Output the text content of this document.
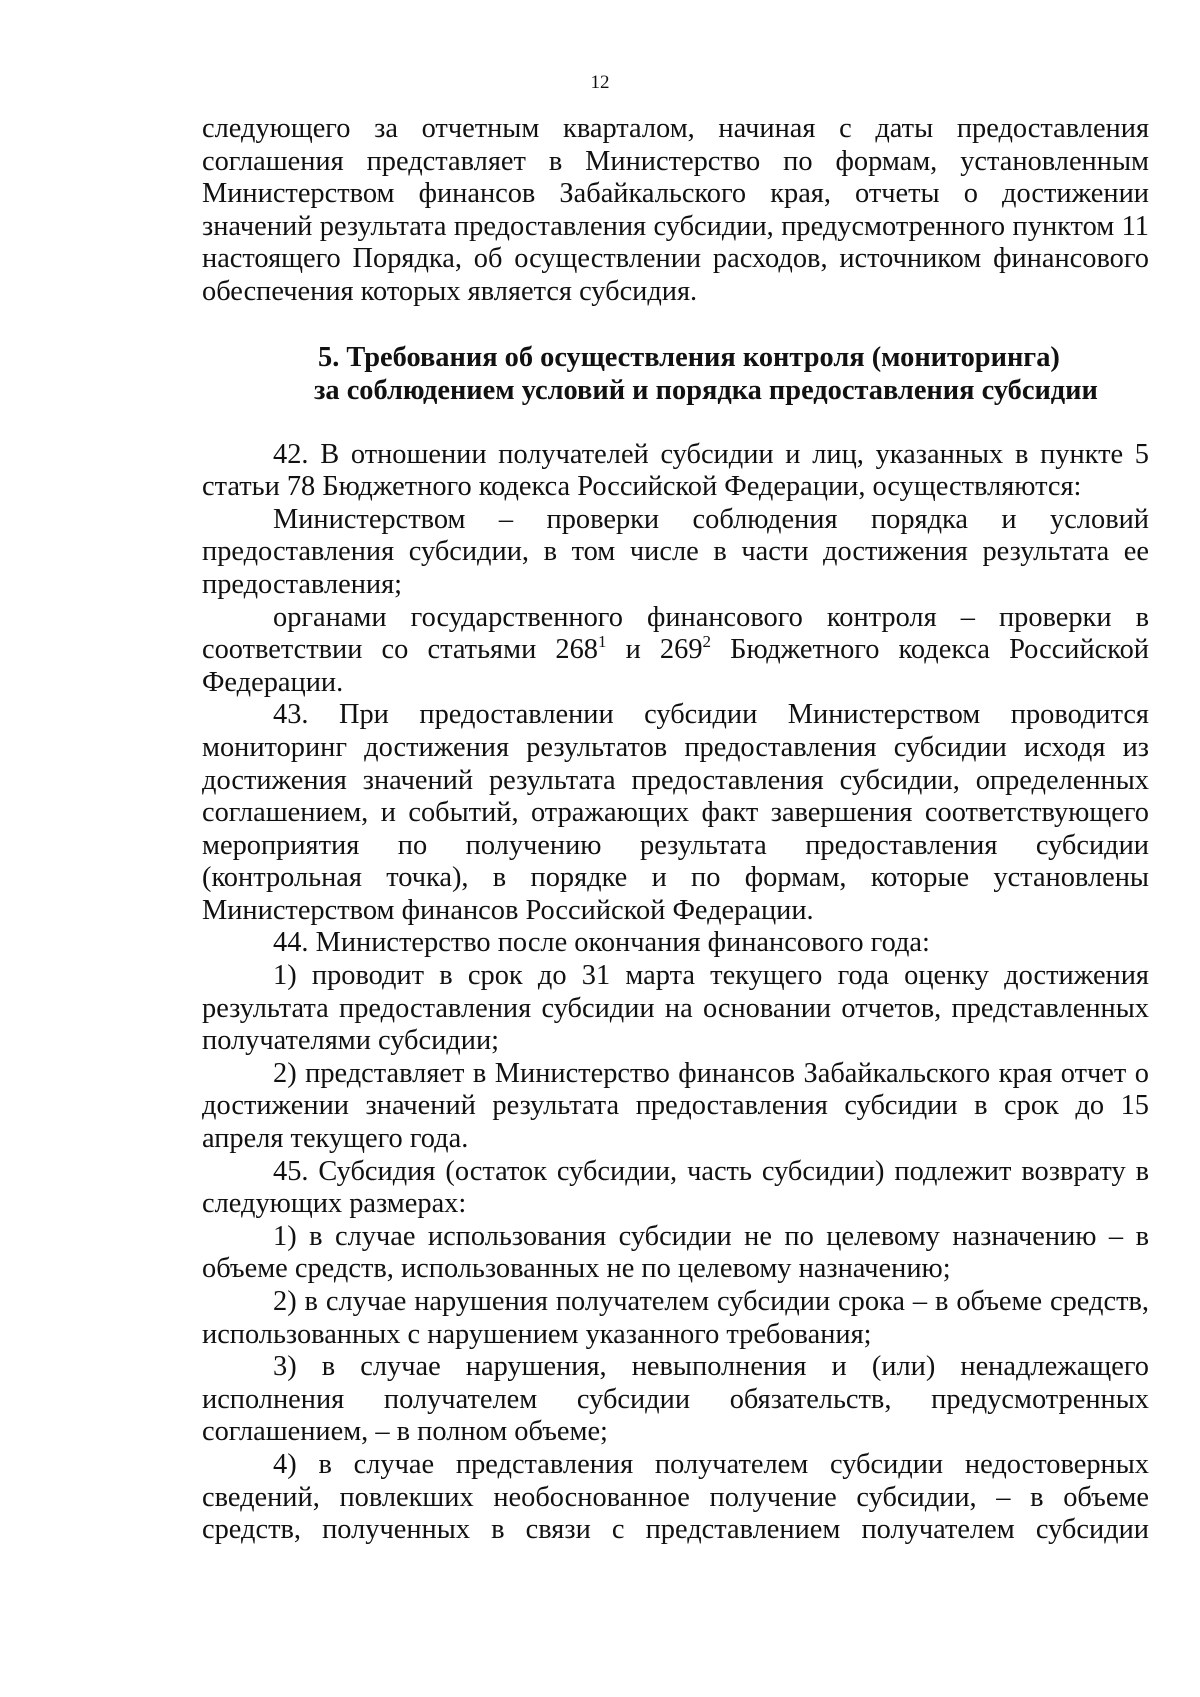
12

следующего за отчетным кварталом, начиная с даты предоставления соглашения представляет в Министерство по формам, установленным Министерством финансов Забайкальского края, отчеты о достижении значений результата предоставления субсидии, предусмотренного пунктом 11 настоящего Порядка, об осуществлении расходов, источником финансового обеспечения которых является субсидия.

5. Требования об осуществления контроля (мониторинга)
за соблюдением условий и порядка предоставления субсидии

42. В отношении получателей субсидии и лиц, указанных в пункте 5 статьи 78 Бюджетного кодекса Российской Федерации, осуществляются:

Министерством – проверки соблюдения порядка и условий предоставления субсидии, в том числе в части достижения результата ее предоставления;

органами государственного финансового контроля – проверки в соответствии со статьями $268^1$ и $269^2$ Бюджетного кодекса Российской Федерации.

43. При предоставлении субсидии Министерством проводится мониторинг достижения результатов предоставления субсидии исходя из достижения значений результата предоставления субсидии, определенных соглашением, и событий, отражающих факт завершения соответствующего мероприятия по получению результата предоставления субсидии (контрольная точка), в порядке и по формам, которые установлены Министерством финансов Российской Федерации.

44. Министерство после окончания финансового года:

1) проводит в срок до 31 марта текущего года оценку достижения результата предоставления субсидии на основании отчетов, представленных получателями субсидии;

2) представляет в Министерство финансов Забайкальского края отчет о достижении значений результата предоставления субсидии в срок до 15 апреля текущего года.

45. Субсидия (остаток субсидии, часть субсидии) подлежит возврату в следующих размерах:

1) в случае использования субсидии не по целевому назначению – в объеме средств, использованных не по целевому назначению;

2) в случае нарушения получателем субсидии срока – в объеме средств, использованных с нарушением указанного требования;

3) в случае нарушения, невыполнения и (или) ненадлежащего исполнения получателем субсидии обязательств, предусмотренных соглашением, – в полном объеме;

4) в случае представления получателем субсидии недостоверных сведений, повлекших необоснованное получение субсидии, – в объеме средств, полученных в связи с представлением получателем субсидии
